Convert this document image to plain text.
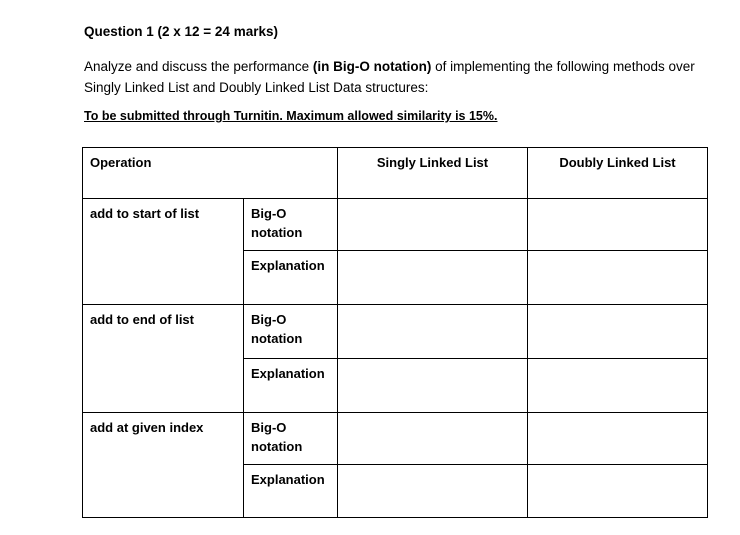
Question 1 (2 x 12 = 24 marks)
Analyze and discuss the performance (in Big-O notation) of implementing the following methods over Singly Linked List and Doubly Linked List Data structures:
To be submitted through Turnitin. Maximum allowed similarity is 15%.
Operation		Singly Linked List	Doubly Linked List

add to start of list	Big-O notation		

	Explanation		

add to end of list	Big-O notation		

	Explanation		

add at given index	Big-O notation		

	Explanation		
